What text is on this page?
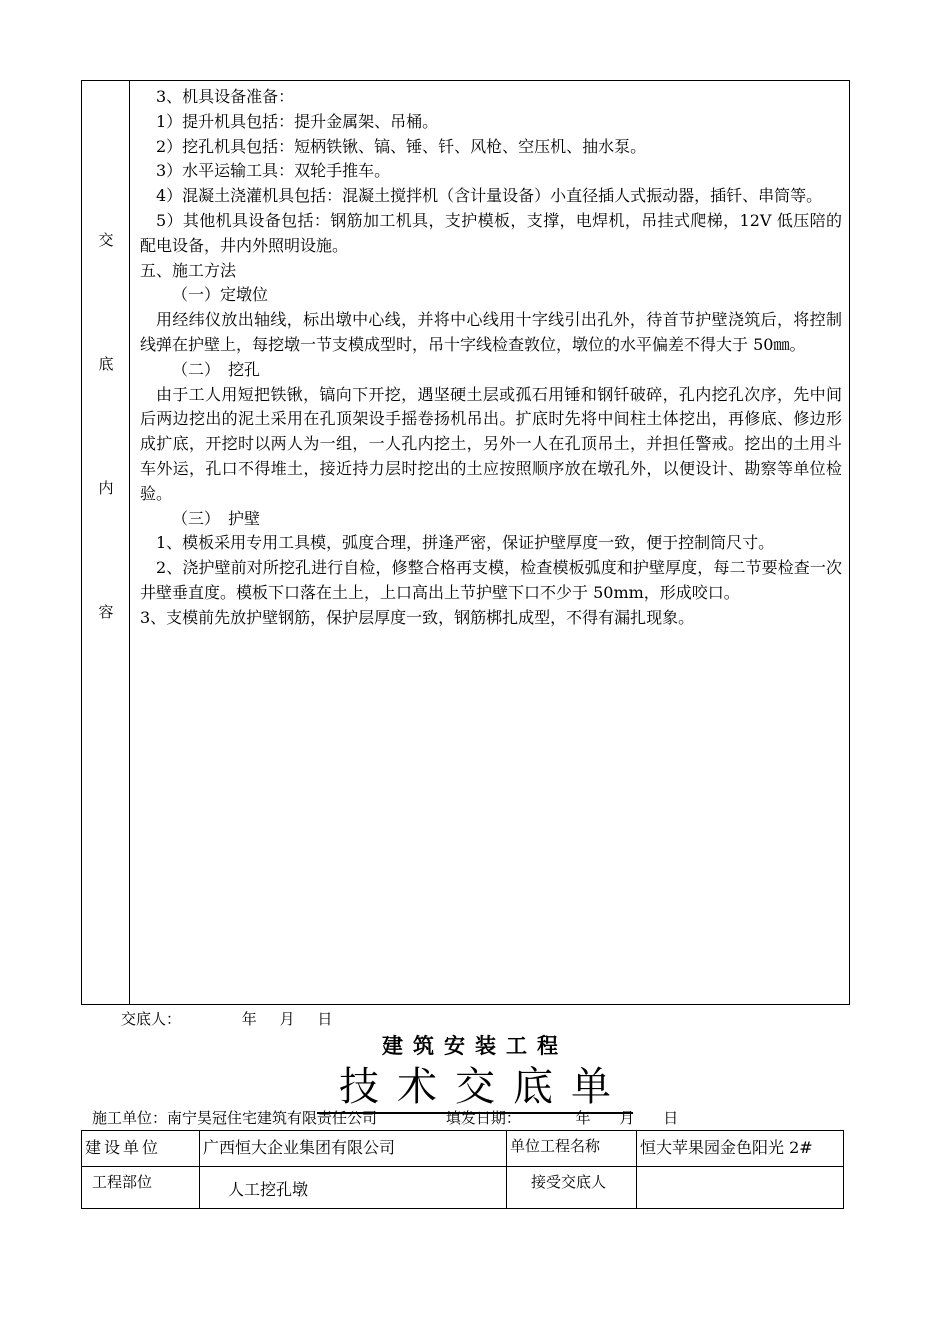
交
底
内
容

3、机具设备准备：

1）提升机具包括：提升金属架、吊桶。

2）挖孔机具包括：短柄铁锹、镐、锤、钎、风枪、空压机、抽水泵。

3）水平运输工具：双轮手推车。

4）混凝土浇灌机具包括：混凝土搅拌机（含计量设备）小直径插人式振动器，插钎、串筒等。

5）其他机具设备包括：钢筋加工机具，支护模板，支撑，电焊机，吊挂式爬梯，12V 低压陪的配电设备，井内外照明设施。

五、施工方法

（一）定墩位

用经纬仪放出轴线，标出墩中心线，并将中心线用十字线引出孔外，待首节护壁浇筑后，将控制线弹在护壁上，每挖墩一节支模成型时，吊十字线检查敦位，墩位的水平偏差不得大于 50㎜。

（二）　挖孔

由于工人用短把铁锹，镐向下开挖，遇坚硬土层或孤石用锤和钢钎破碎，孔内挖孔次序，先中间后两边挖出的泥土采用在孔顶架设手摇卷扬机吊出。扩底时先将中间柱土体挖出，再修底、修边形成扩底，开挖时以两人为一组，一人孔内挖土，另外一人在孔顶吊土，并担任警戒。挖出的土用斗车外运，孔口不得堆土，接近持力层时挖出的土应按照顺序放在墩孔外，以便设计、勘察等单位检验。

（三）　护壁

1、模板采用专用工具模，弧度合理，拼逢严密，保证护壁厚度一致，便于控制筒尺寸。

2、浇护壁前对所挖孔进行自检，修整合格再支模，检查模板弧度和护壁厚度，每二节要检查一次井壁垂直度。模板下口落在土上，上口高出上节护壁下口不少于 50mm，形成咬口。

3、支模前先放护壁钢筋，保护层厚度一致，钢筋梆扎成型，不得有漏扎现象。

交底人：	年 月 日
建筑安装工程
技术交底单
施工单位：南宁昊冠住宅建筑有限责任公司	填发日期：	年 月 日
建设单位	广西恒大企业集团有限公司	单位工程名称	恒大苹果园金色阳光 2#
工程部位	人工挖孔墩	接受交底人	
